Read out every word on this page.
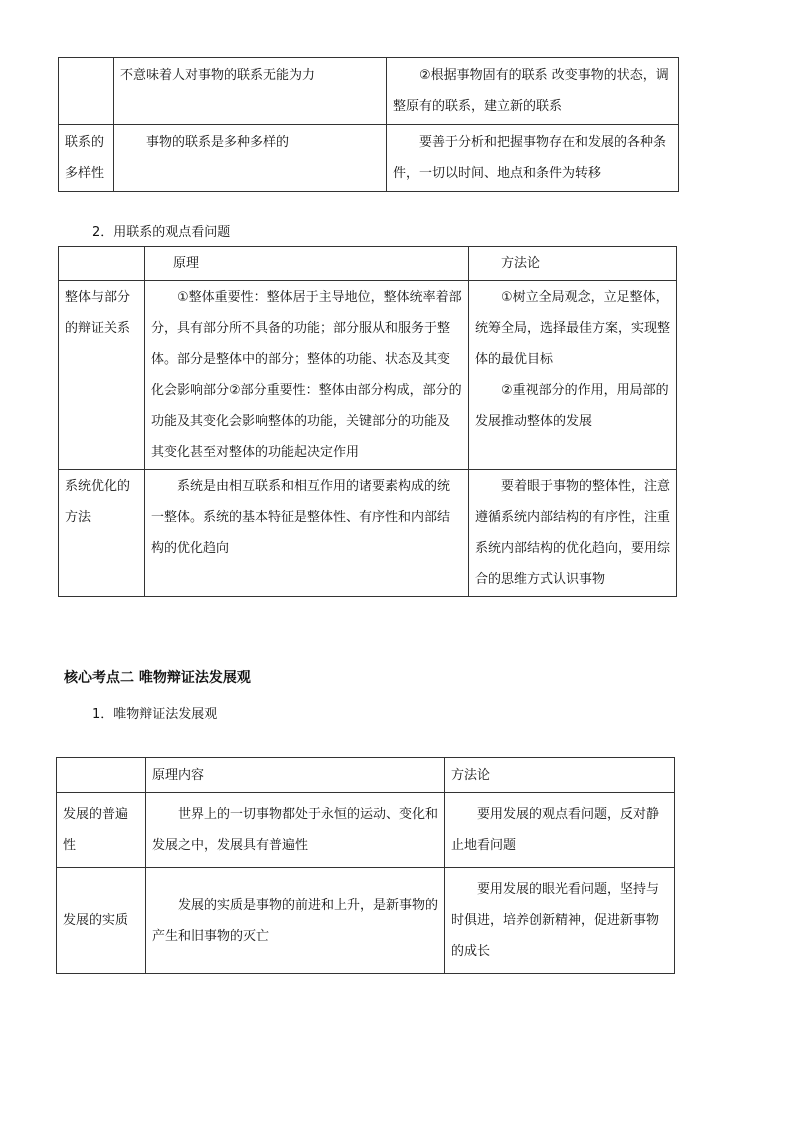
	不意味着人对事物的联系无能为力	②根据事物固有的联系 改变事物的状态，调整原有的联系，建立新的联系
联系的多样性	事物的联系是多种多样的	要善于分析和把握事物存在和发展的各种条件，一切以时间、地点和条件为转移

2．用联系的观点看问题

	原理	方法论
整体与部分的辩证关系	①整体重要性：整体居于主导地位，整体统率着部分，具有部分所不具备的功能；部分服从和服务于整体。部分是整体中的部分；整体的功能、状态及其变化会影响部分②部分重要性：整体由部分构成，部分的功能及其变化会影响整体的功能，关键部分的功能及其变化甚至对整体的功能起决定作用	①树立全局观念，立足整体，统筹全局，选择最佳方案，实现整体的最优目标
②重视部分的作用，用局部的发展推动整体的发展

系统优化的方法	系统是由相互联系和相互作用的诸要素构成的统一整体。系统的基本特征是整体性、有序性和内部结构的优化趋向	要着眼于事物的整体性，注意遵循系统内部结构的有序性，注重系统内部结构的优化趋向，要用综合的思维方式认识事物

核心考点二 唯物辩证法发展观

1．唯物辩证法发展观

	原理内容	方法论
发展的普遍性	世界上的一切事物都处于永恒的运动、变化和发展之中，发展具有普遍性	要用发展的观点看问题，反对静止地看问题
发展的实质	发展的实质是事物的前进和上升，是新事物的产生和旧事物的灭亡	要用发展的眼光看问题，坚持与时俱进，培养创新精神，促进新事物的成长
